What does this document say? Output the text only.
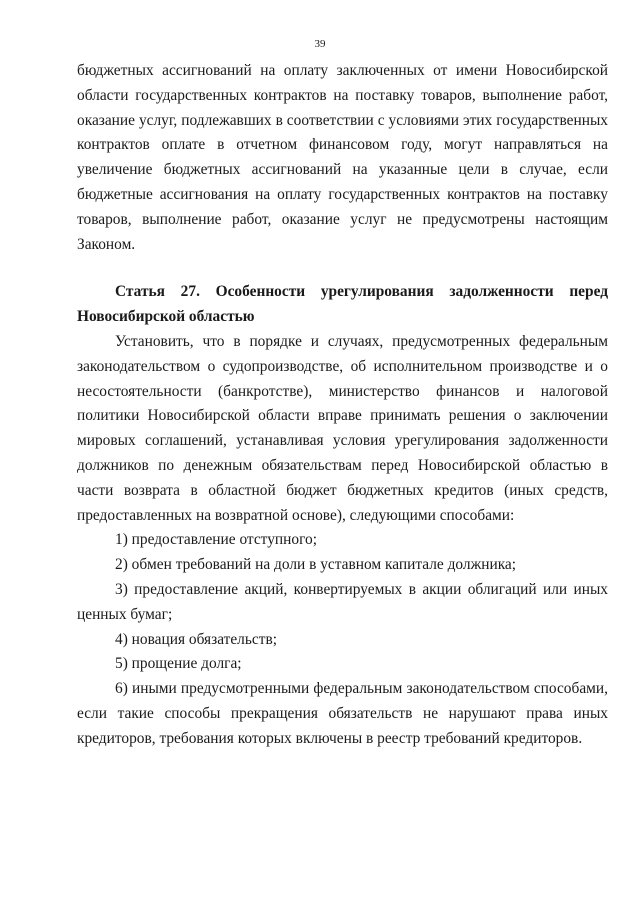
39

бюджетных ассигнований на оплату заключенных от имени Новосибирской области государственных контрактов на поставку товаров, выполнение работ, оказание услуг, подлежавших в соответствии с условиями этих государственных контрактов оплате в отчетном финансовом году, могут направляться на увеличение бюджетных ассигнований на указанные цели в случае, если бюджетные ассигнования на оплату государственных контрактов на поставку товаров, выполнение работ, оказание услуг не предусмотрены настоящим Законом.

Статья 27. Особенности урегулирования задолженности перед Новосибирской областью

Установить, что в порядке и случаях, предусмотренных федеральным законодательством о судопроизводстве, об исполнительном производстве и о несостоятельности (банкротстве), министерство финансов и налоговой политики Новосибирской области вправе принимать решения о заключении мировых соглашений, устанавливая условия урегулирования задолженности должников по денежным обязательствам перед Новосибирской областью в части возврата в областной бюджет бюджетных кредитов (иных средств, предоставленных на возвратной основе), следующими способами:

1) предоставление отступного;

2) обмен требований на доли в уставном капитале должника;

3) предоставление акций, конвертируемых в акции облигаций или иных ценных бумаг;

4) новация обязательств;

5) прощение долга;

6) иными предусмотренными федеральным законодательством способами, если такие способы прекращения обязательств не нарушают права иных кредиторов, требования которых включены в реестр требований кредиторов.
